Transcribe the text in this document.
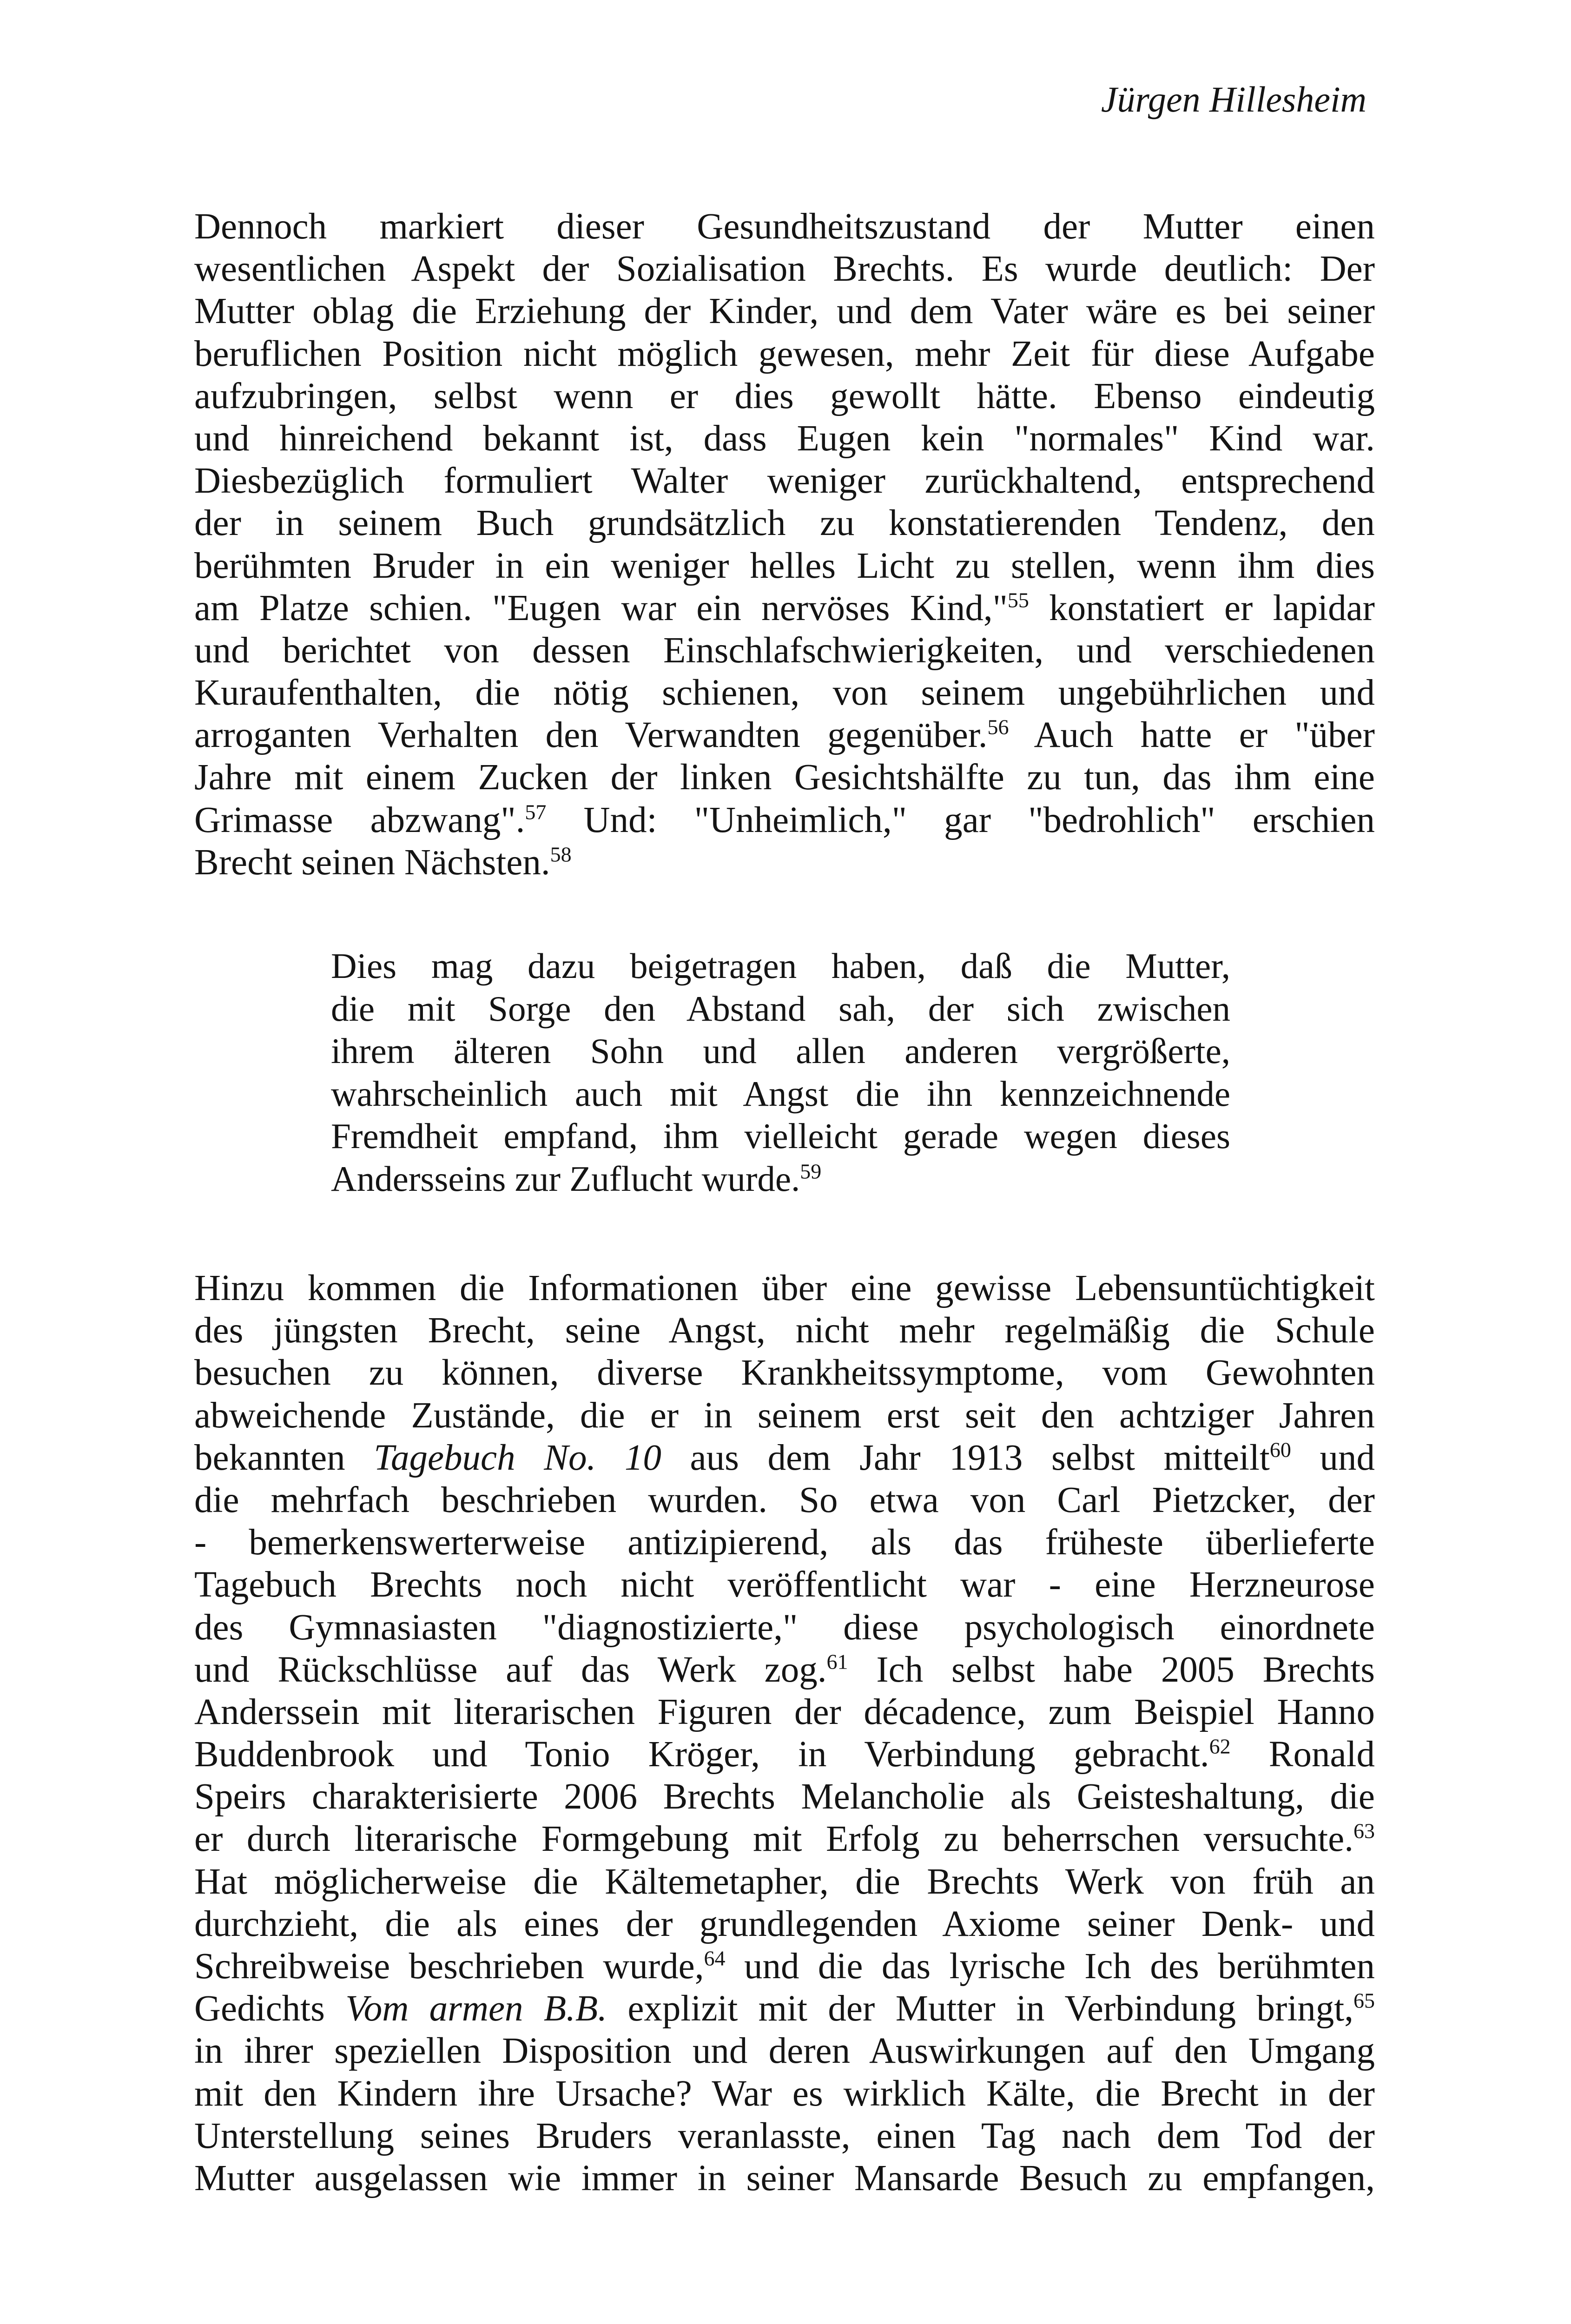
Jürgen Hillesheim
Dennoch markiert dieser Gesundheitszustand der Mutter einen
wesentlichen Aspekt der Sozialisation Brechts. Es wurde deutlich: Der
Mutter oblag die Erziehung der Kinder, und dem Vater wäre es bei seiner
beruflichen Position nicht möglich gewesen, mehr Zeit für diese Aufgabe
aufzubringen, selbst wenn er dies gewollt hätte. Ebenso eindeutig
und hinreichend bekannt ist, dass Eugen kein "normales" Kind war.
Diesbezüglich formuliert Walter weniger zurückhaltend, entsprechend
der in seinem Buch grundsätzlich zu konstatierenden Tendenz, den
berühmten Bruder in ein weniger helles Licht zu stellen, wenn ihm dies
am Platze schien. "Eugen war ein nervöses Kind,"$^{55}$ konstatiert er lapidar
und berichtet von dessen Einschlafschwierigkeiten, und verschiedenen
Kuraufenthalten, die nötig schienen, von seinem ungebührlichen und
arroganten Verhalten den Verwandten gegenüber.$^{56}$ Auch hatte er "über
Jahre mit einem Zucken der linken Gesichtshälfte zu tun, das ihm eine
Grimasse abzwang".$^{57}$ Und: "Unheimlich," gar "bedrohlich" erschien
Brecht seinen Nächsten.$^{58}$
Dies mag dazu beigetragen haben, daß die Mutter,
die mit Sorge den Abstand sah, der sich zwischen
ihrem älteren Sohn und allen anderen vergrößerte,
wahrscheinlich auch mit Angst die ihn kennzeichnende
Fremdheit empfand, ihm vielleicht gerade wegen dieses
Andersseins zur Zuflucht wurde.$^{59}$
Hinzu kommen die Informationen über eine gewisse Lebensuntüchtigkeit
des jüngsten Brecht, seine Angst, nicht mehr regelmäßig die Schule
besuchen zu können, diverse Krankheitssymptome, vom Gewohnten
abweichende Zustände, die er in seinem erst seit den achtziger Jahren
bekannten Tagebuch No. 10 aus dem Jahr 1913 selbst mitteilt$^{60}$ und
die mehrfach beschrieben wurden. So etwa von Carl Pietzcker, der
- bemerkenswerterweise antizipierend, als das früheste überlieferte
Tagebuch Brechts noch nicht veröffentlicht war - eine Herzneurose
des Gymnasiasten "diagnostizierte," diese psychologisch einordnete
und Rückschlüsse auf das Werk zog.$^{61}$ Ich selbst habe 2005 Brechts
Anderssein mit literarischen Figuren der décadence, zum Beispiel Hanno
Buddenbrook und Tonio Kröger, in Verbindung gebracht.$^{62}$ Ronald
Speirs charakterisierte 2006 Brechts Melancholie als Geisteshaltung, die
er durch literarische Formgebung mit Erfolg zu beherrschen versuchte.$^{63}$
Hat möglicherweise die Kältemetapher, die Brechts Werk von früh an
durchzieht, die als eines der grundlegenden Axiome seiner Denk- und
Schreibweise beschrieben wurde,$^{64}$ und die das lyrische Ich des berühmten
Gedichts Vom armen B.B. explizit mit der Mutter in Verbindung bringt,$^{65}$
in ihrer speziellen Disposition und deren Auswirkungen auf den Umgang
mit den Kindern ihre Ursache? War es wirklich Kälte, die Brecht in der
Unterstellung seines Bruders veranlasste, einen Tag nach dem Tod der
Mutter ausgelassen wie immer in seiner Mansarde Besuch zu empfangen,
